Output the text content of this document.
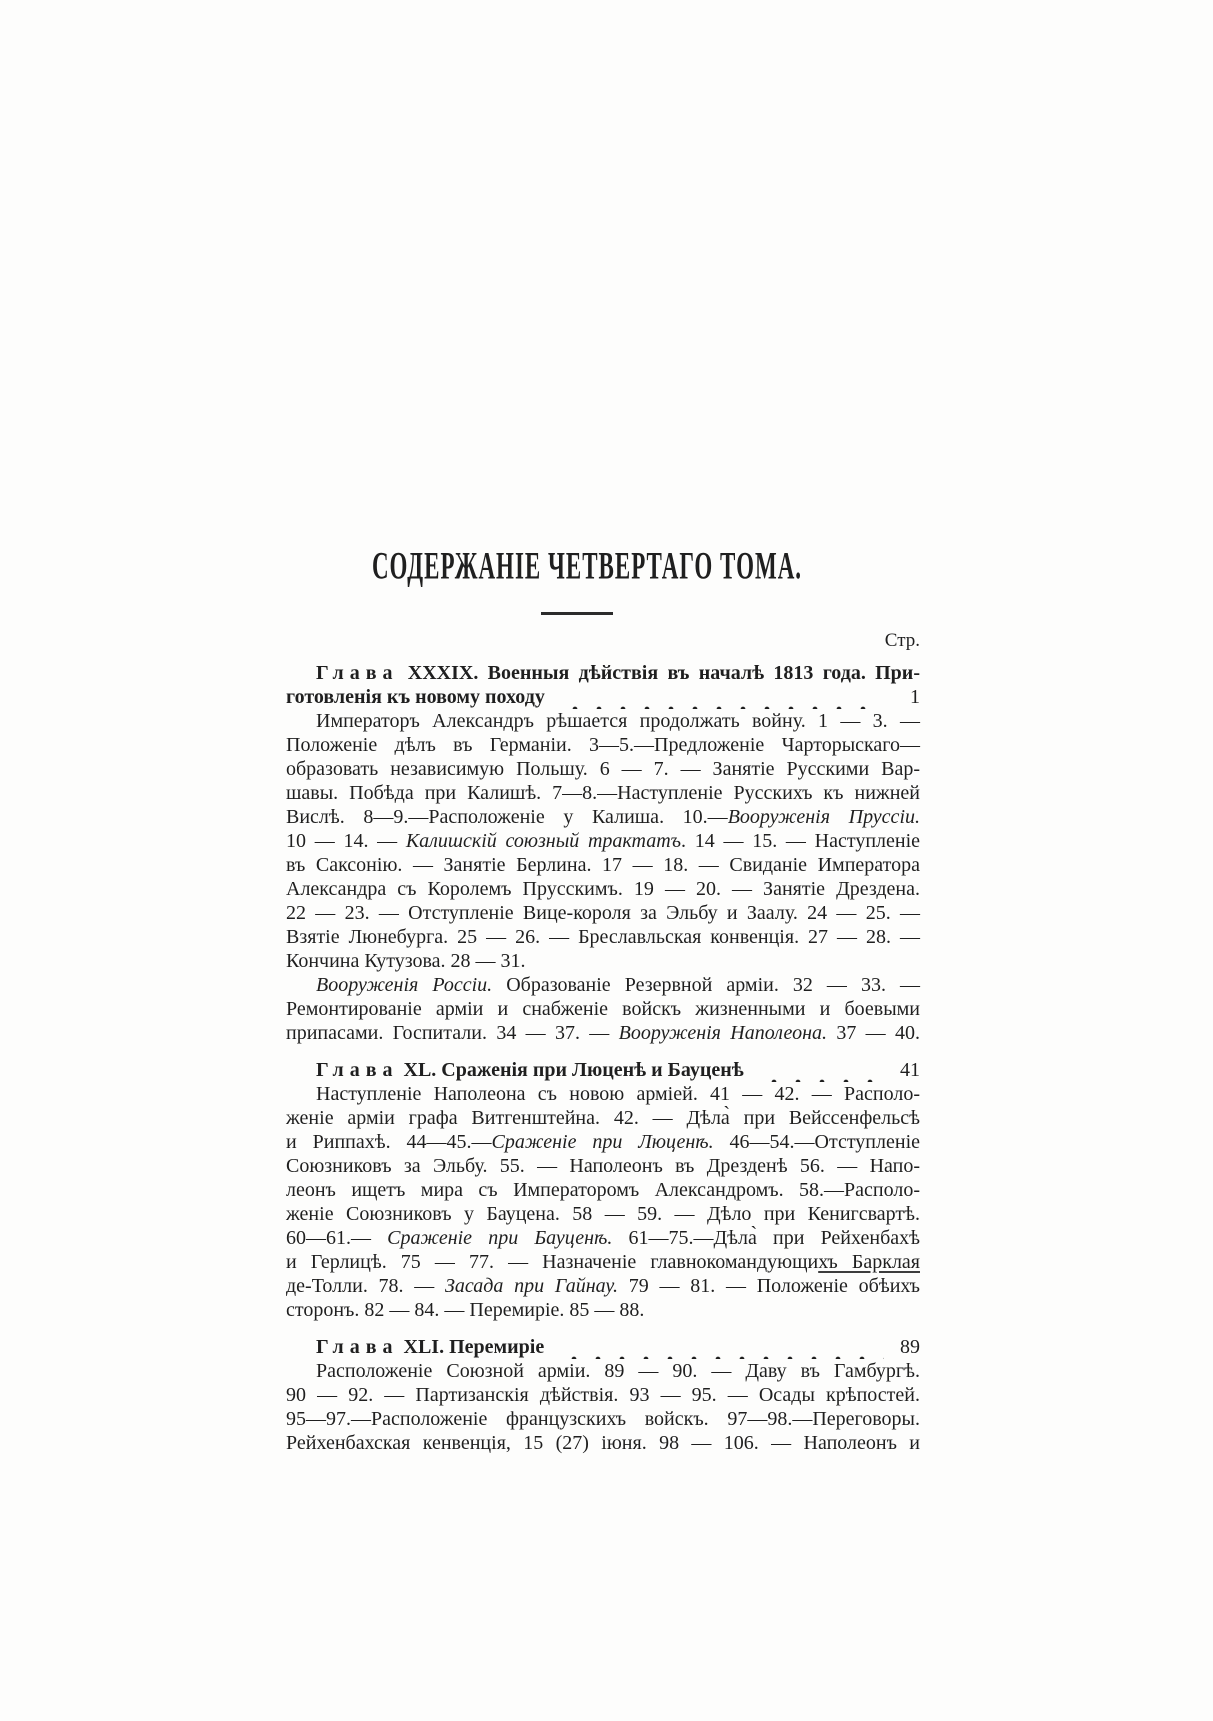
СОДЕРЖАНІЕ ЧЕТВЕРТАГО ТОМА.
Стр.
Глава XXXIX. Военныя дѣйствія въ началѣ 1813 года. При-
готовленія къ новому походу	1
Императоръ Александръ рѣшается продолжать войну. 1 — 3. —
Положеніе дѣлъ въ Германіи. 3—5.—Предложеніе Чарторыскаго—
образовать независимую Польшу. 6 — 7. — Занятіе Русскими Вар-
шавы. Побѣда при Калишѣ. 7—8.—Наступленіе Русскихъ къ нижней
Вислѣ. 8—9.—Расположеніе у Калиша. 10.—Вооруженія Пруссіи.
10 — 14. — Калишскій союзный трактатъ. 14 — 15. — Наступленіе
въ Саксонію. — Занятіе Берлина. 17 — 18. — Свиданіе Императора
Александра съ Королемъ Прусскимъ. 19 — 20. — Занятіе Дрездена.
22 — 23. — Отступленіе Вице-короля за Эльбу и Заалу. 24 — 25. —
Взятіе Люнебурга. 25 — 26. — Бреславльская конвенція. 27 — 28. —
Кончина Кутузова. 28 — 31.
Вооруженія Россіи. Образованіе Резервной арміи. 32 — 33. —
Ремонтированіе арміи и снабженіе войскъ жизненными и боевыми
припасами. Госпитали. 34 — 37. — Вооруженія Наполеона. 37 — 40.
Глава XL. Сраженія при Люценѣ и Бауценѣ	41
Наступленіе Наполеона съ новою арміей. 41 — 42. — Располо-
женіе арміи графа Витгенштейна. 42. — Дѣла̀ при Вейссенфельсѣ
и Риппахѣ. 44—45.—Сраженіе при Люценѣ. 46—54.—Отступленіе
Союзниковъ за Эльбу. 55. — Наполеонъ въ Дрезденѣ 56. — Напо-
леонъ ищетъ мира съ Императоромъ Александромъ. 58.—Располо-
женіе Союзниковъ у Бауцена. 58 — 59. — Дѣло при Кенигсвартѣ.
60—61.— Сраженіе при Бауценѣ. 61—75.—Дѣла̀ при Рейхенбахѣ
и Герлицѣ. 75 — 77. — Назначеніе главнокомандующихъ Барклая
де-Толли. 78. — Засада при Гайнау. 79 — 81. — Положеніе обѣихъ
сторонъ. 82 — 84. — Перемиріе. 85 — 88.
Глава XLI. Перемиріе	89
Расположеніе Союзной арміи. 89 — 90. — Даву въ Гамбургѣ.
90 — 92. — Партизанскія дѣйствія. 93 — 95. — Осады крѣпостей.
95—97.—Расположеніе французскихъ войскъ. 97—98.—Переговоры.
Рейхенбахская кенвенція, 15 (27) іюня. 98 — 106. — Наполеонъ и
